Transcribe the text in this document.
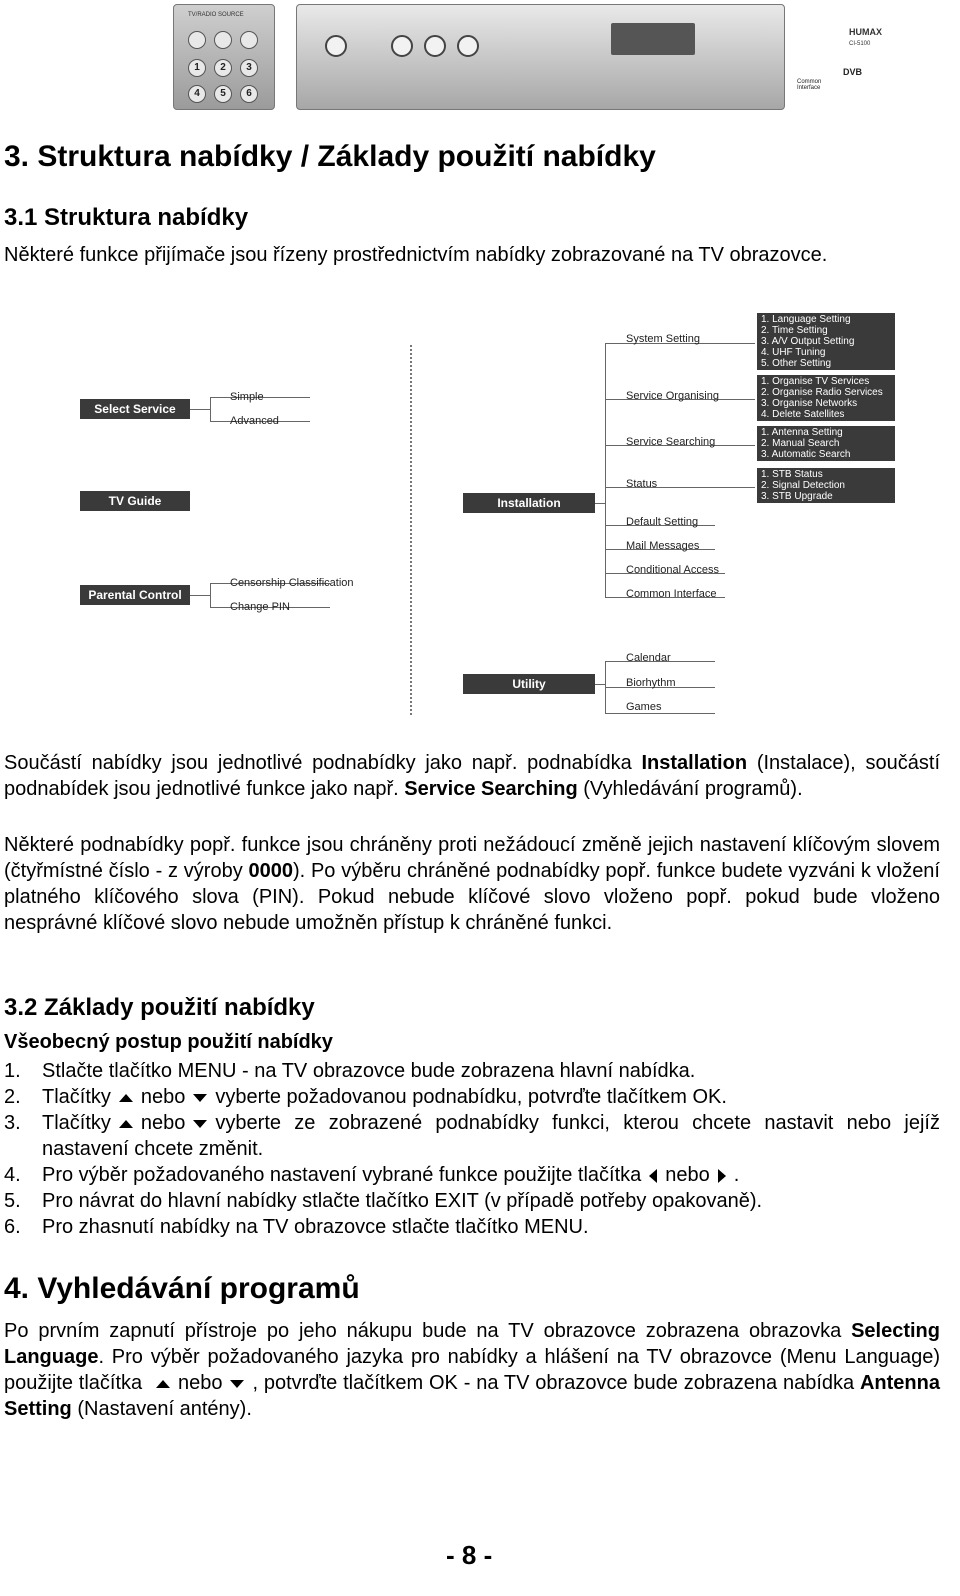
TV/RADIO SOURCE
1	2	3
4	5	6
HUMAX
CI-5100
DVB
Common Interface
3. Struktura nabídky / Základy použití nabídky
3.1 Struktura nabídky
Některé funkce přijímače jsou řízeny prostřednictvím nabídky zobrazované na TV obrazovce.
Select Service
Simple
Advanced
TV Guide
Parental Control
Censorship Classification
Change PIN
Installation
System Setting
Service Organising
Service Searching
Status
Default Setting
Mail Messages
Conditional Access
Common Interface
1. Language Setting
2. Time Setting
3. A/V Output Setting
4. UHF Tuning
5. Other Setting
1. Organise TV Services
2. Organise Radio Services
3. Organise Networks
4. Delete Satellites
1. Antenna Setting
2. Manual Search
3. Automatic Search
1. STB Status
2. Signal Detection
3. STB Upgrade
Utility
Calendar
Biorhythm
Games
Součástí nabídky jsou jednotlivé podnabídky jako např. podnabídka Installation (Instalace), součástí podnabídek jsou jednotlivé funkce jako např. Service Searching (Vyhledávání programů).
Některé podnabídky popř. funkce jsou chráněny proti nežádoucí změně jejich nastavení klíčovým slovem (čtyřmístné číslo - z výroby 0000). Po výběru chráněné podnabídky popř. funkce budete vyzváni k vložení platného klíčového slova (PIN). Pokud nebude klíčové slovo vloženo popř. pokud bude vloženo nesprávné klíčové slovo nebude umožněn přístup k chráněné funkci.
3.2 Základy použití nabídky
Všeobecný postup použití nabídky
1.	Stlačte tlačítko MENU - na TV obrazovce bude zobrazena hlavní nabídka.
2.	Tlačítky nebo vyberte požadovanou podnabídku, potvrďte tlačítkem OK.
3.	Tlačítky nebo vyberte ze zobrazené podnabídky funkci, kterou chcete nastavit nebo jejíž nastavení chcete změnit.
4.	Pro výběr požadovaného nastavení vybrané funkce použijte tlačítka nebo .
5.	Pro návrat do hlavní nabídky stlačte tlačítko EXIT (v případě potřeby opakovaně).
6.	Pro zhasnutí nabídky na TV obrazovce stlačte tlačítko MENU.
4. Vyhledávání programů
Po prvním zapnutí přístroje po jeho nákupu bude na TV obrazovce zobrazena obrazovka Selecting Language. Pro výběr požadovaného jazyka pro nabídky a hlášení na TV obrazovce (Menu Language) použijte tlačítka nebo , potvrďte tlačítkem OK - na TV obrazovce bude zobrazena nabídka Antenna Setting (Nastavení antény).
- 8 -
